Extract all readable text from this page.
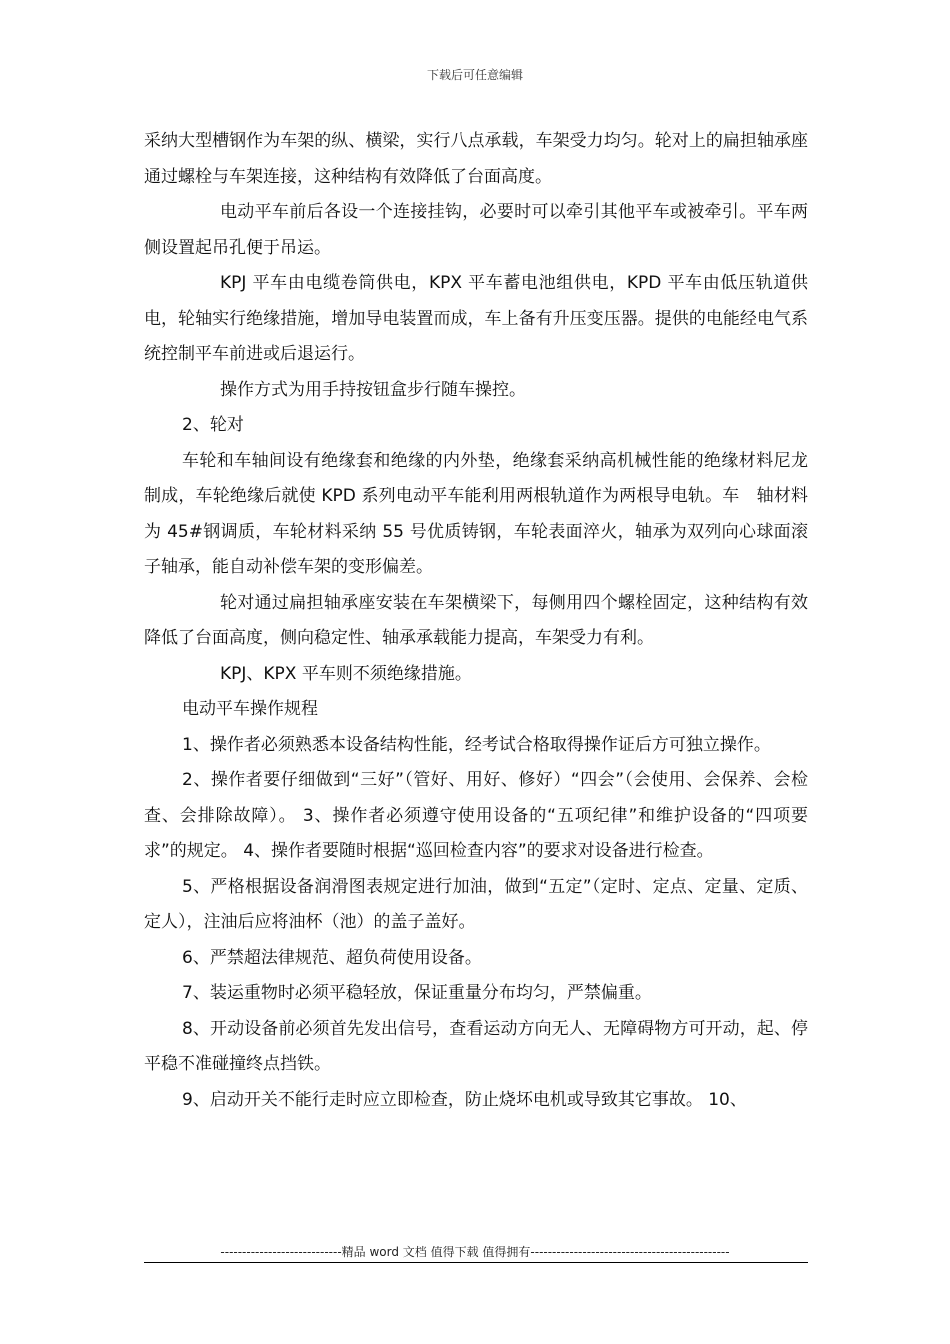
下载后可任意编辑

采纳大型槽钢作为车架的纵、横梁，实行八点承载，车架受力均匀。轮对上的扁担轴承座通过螺栓与车架连接，这种结构有效降低了台面高度。

电动平车前后各设一个连接挂钩，必要时可以牵引其他平车或被牵引。平车两侧设置起吊孔便于吊运。

KPJ 平车由电缆卷筒供电，KPX 平车蓄电池组供电，KPD 平车由低压轨道供电，轮轴实行绝缘措施，增加导电装置而成，车上备有升压变压器。提供的电能经电气系统控制平车前进或后退运行。

操作方式为用手持按钮盒步行随车操控。

2、轮对

车轮和车轴间设有绝缘套和绝缘的内外垫，绝缘套采纳高机械性能的绝缘材料尼龙制成，车轮绝缘后就使 KPD 系列电动平车能利用两根轨道作为两根导电轨。车　轴材料为 45#钢调质，车轮材料采纳 55 号优质铸钢，车轮表面淬火，轴承为双列向心球面滚子轴承，能自动补偿车架的变形偏差。

轮对通过扁担轴承座安装在车架横梁下，每侧用四个螺栓固定，这种结构有效降低了台面高度，侧向稳定性、轴承承载能力提高，车架受力有利。

KPJ、KPX 平车则不须绝缘措施。

电动平车操作规程

1、操作者必须熟悉本设备结构性能，经考试合格取得操作证后方可独立操作。

2、操作者要仔细做到“三好”（管好、用好、修好）“四会”（会使用、会保养、会检查、会排除故障）。 3、操作者必须遵守使用设备的“五项纪律”和维护设备的“四项要求”的规定。 4、操作者要随时根据“巡回检查内容”的要求对设备进行检查。

5、严格根据设备润滑图表规定进行加油，做到“五定”（定时、定点、定量、定质、定人），注油后应将油杯（池）的盖子盖好。

6、严禁超法律规范、超负荷使用设备。

7、装运重物时必须平稳轻放，保证重量分布均匀，严禁偏重。

8、开动设备前必须首先发出信号，查看运动方向无人、无障碍物方可开动，起、停平稳不准碰撞终点挡铁。

9、启动开关不能行走时应立即检查，防止烧坏电机或导致其它事故。 10、

----------------------------精品 word 文档 值得下载 值得拥有----------------------------------------------
